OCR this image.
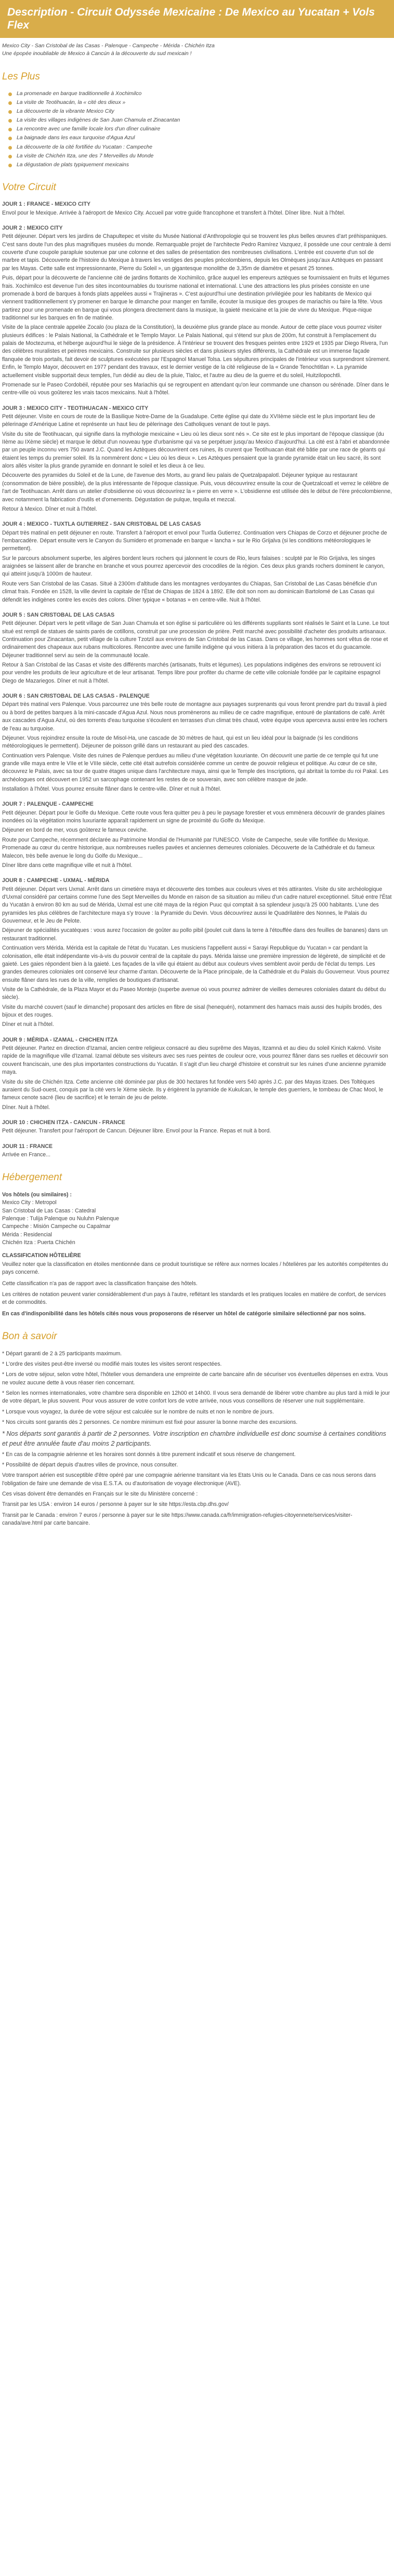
Description - Circuit Odyssée Mexicaine : De Mexico au Yucatan + Vols Flex

Mexico City - San Cristobal de las Casas - Palenque - Campeche - Mérida - Chichén Itza

Une épopée inoubliable de Mexico à Cancún à la découverte du sud mexicain !

Les Plus
La promenade en barque traditionnelle à Xochimilco
La visite de Teotihuacán, la « cité des dieux »
La découverte de la vibrante Mexico City
La visite des villages indigènes de San Juan Chamula et Zinacantan
La rencontre avec une famille locale lors d'un dîner culinaire
La baignade dans les eaux turquoise d'Agua Azul
La découverte de la cité fortifiée du Yucatan : Campeche
La visite de Chichén Itza, une des 7 Merveilles du Monde
La dégustation de plats typiquement mexicains
Votre Circuit
JOUR 1 : FRANCE - MEXICO CITY

Envol pour le Mexique. Arrivée à l'aéroport de Mexico City. Accueil par votre guide francophone et transfert à l'hôtel. Dîner libre. Nuit à l'hôtel.

JOUR 2 : MEXICO CITY

Petit déjeuner. Départ vers les jardins de Chapultepec et visite du Musée National d'Anthropologie qui se trouvent les plus belles œuvres d'art préhispaniques. C'est sans doute l'un des plus magnifiques musées du monde. Remarquable projet de l'architecte Pedro Ramírez Vazquez, il possède une cour centrale à demi couverte d'une coupole parapluie soutenue par une colonne et des salles de présentation des nombreuses civilisations. L'entrée est couverte d'un sol de marbre et tapis. Découverte de l'histoire du Mexique à travers les vestiges des peuples précolombiens, depuis les Olmèques jusqu'aux Aztèques en passant par les Mayas. Cette salle est impressionnante, Pierre du Soleil », un gigantesque monolithe de 3,35m de diamètre et pesant 25 tonnes.

Puis, départ pour la découverte de l'ancienne cité de jardins flottants de Xochimilco, grâce auquel les empereurs aztèques se fournissaient en fruits et légumes frais. Xochimilco est devenue l'un des sites incontournables du tourisme national et international. L'une des attractions les plus prisées consiste en une promenade à bord de barques à fonds plats appelées aussi « Trajineras ». C'est aujourd'hui une destination privilégiée pour les habitants de Mexico qui viennent traditionnellement s'y promener en barque le dimanche pour manger en famille, écouter la musique des groupes de mariachis ou faire la fête. Vous partirez pour une promenade en barque qui vous plongera directement dans la musique, la gaieté mexicaine et la joie de vivre du Mexique. Pique-nique traditionnel sur les barques en fin de matinée.

Visite de la place centrale appelée Zocalo (ou plaza de la Constitution), la deuxième plus grande place au monde. Autour de cette place vous pourrez visiter plusieurs édifices : le Palais National, la Cathédrale et le Templo Mayor. Le Palais National, qui s'étend sur plus de 200m, fut construit à l'emplacement du palais de Moctezuma, et héberge aujourd'hui le siège de la présidence. À l'intérieur se trouvent des fresques peintes entre 1929 et 1935 par Diego Rivera, l'un des célèbres muralistes et peintres mexicains. Construite sur plusieurs siècles et dans plusieurs styles différents, la Cathédrale est un immense façade flanquée de trois portails, fait devoir de sculptures exécutées par l'Espagnol Manuel Tolsa. Les sépultures principales de l'intérieur vous surprendront sûrement. Enfin, le Templo Mayor, découvert en 1977 pendant des travaux, est le dernier vestige de la cité religieuse de la « Grande Tenochtitlan ». La pyramide actuellement visible supportait deux temples, l'un dédié au dieu de la pluie, Tlaloc, et l'autre au dieu de la guerre et du soleil, Huitzilopochtli.

Promenade sur le Paseo Cordobéil, réputée pour ses Mariachis qui se regroupent en attendant qu'on leur commande une chanson ou sérénade. Dîner dans le centre-ville où vous goûterez les vrais tacos mexicains. Nuit à l'hôtel.

JOUR 3 : MEXICO CITY - TEOTIHUACAN - MEXICO CITY

Petit déjeuner. Visite en cours de route de la Basilique Notre-Dame de la Guadalupe. Cette église qui date du XVIIème siècle est le plus important lieu de pèlerinage d'Amérique Latine et représente un haut lieu de pèlerinage des Catholiques venant de tout le pays.

Visite du site de Teotihuacan, qui signifie dans la mythologie mexicaine « Lieu où les dieux sont nés ». Ce site est le plus important de l'époque classique (du IIème au IXème siècle) et marque le début d'un nouveau type d'urbanisme qui va se perpétuer jusqu'au Mexico d'aujourd'hui. La cité est à l'abri et abandonnée par un peuple inconnu vers 750 avant J.C. Quand les Aztèques découvrirent ces ruines, ils crurent que Teotihuacan était été bâtie par une race de géants qui étaient les temps du premier soleil. Ils la nommèrent donc « Lieu où les dieux ». Les Aztèques pensaient que la grande pyramide était un lieu sacré, ils sont alors allés visiter la plus grande pyramide en donnant le soleil et les dieux à ce lieu.

Découverte des pyramides du Soleil et de la Lune, de l'avenue des Morts, au grand lieu palais de Quetzalpapalotl. Déjeuner typique au restaurant (consommation de bière possible), de la plus intéressante de l'époque classique. Puis, vous découvrirez ensuite la cour de Quetzalcoatl et verrez le célèbre de l'art de Teotihuacan. Arrêt dans un atelier d'obsidienne où vous découvrirez la « pierre en verre ». L'obsidienne est utilisée dès le début de l'ère précolombienne, avec notamment la fabrication d'outils et d'ornements. Dégustation de pulque, tequila et mezcal.

Retour à Mexico. Dîner et nuit à l'hôtel.

JOUR 4 : MEXICO - TUXTLA GUTIERREZ - SAN CRISTOBAL DE LAS CASAS

Départ très matinal en petit déjeuner en route. Transfert à l'aéroport et envol pour Tuxtla Gutierrez. Continuation vers Chiapas de Corzo et déjeuner proche de l'embarcadère. Départ ensuite vers le Canyon du Sumidero et promenade en barque « lancha » sur le Rio Grijalva (si les conditions météorologiques le permettent).

Sur le parcours absolument superbe, les algères bordent leurs rochers qui jalonnent le cours de Rio, leurs falaises : sculpté par le Rio Grijalva, les singes araignées se laissent aller de branche en branche et vous pourrez apercevoir des crocodiles de la région. Ces deux plus grands rochers dominent le canyon, qui atteint jusqu'à 1000m de hauteur.

Route vers San Cristobal de las Casas. Situé à 2300m d'altitude dans les montagnes verdoyantes du Chiapas, San Cristobal de Las Casas bénéficie d'un climat frais. Fondée en 1528, la ville devint la capitale de l'État de Chiapas de 1824 à 1892. Elle doit son nom au dominicain Bartolomé de Las Casas qui défendit les indigènes contre les excès des colons. Dîner typique « botanas » en centre-ville. Nuit à l'hôtel.

JOUR 5 : SAN CRISTOBAL DE LAS CASAS

Petit déjeuner. Départ vers le petit village de San Juan Chamula et son église si particulière où les différents suppliants sont réalisés le Saint et la Lune. Le tout situé est rempli de statues de saints parés de cotillons, construit par une procession de prière. Petit marché avec possibilité d'acheter des produits artisanaux. Continuation pour Zinacantan, petit village de la culture Tzotzil aux environs de San Cristobal de las Casas. Dans ce village, les hommes sont vêtus de rose et ordinairement des chapeaux aux rubans multicolores. Rencontre avec une famille indigène qui vous initiera à la préparation des tacos et du guacamole. Déjeuner traditionnel servi au sein de la communauté locale.

Retour à San Cristobal de las Casas et visite des différents marchés (artisanats, fruits et légumes). Les populations indigènes des environs se retrouvent ici pour vendre les produits de leur agriculture et de leur artisanat. Temps libre pour profiter du charme de cette ville coloniale fondée par le capitaine espagnol Diego de Mazariegos. Dîner et nuit à l'hôtel.

JOUR 6 : SAN CRISTOBAL DE LAS CASAS - PALENQUE

Départ très matinal vers Palenque. Vous parcourrez une très belle route de montagne aux paysages surprenants qui vous feront prendre part du travail à pied ou à bord de petites barques à la mini-cascade d'Agua Azul. Nous nous promènerons au milieu de ce cadre magnifique, entouré de plantations de café. Arrêt aux cascades d'Agua Azul, où des torrents d'eau turquoise s'écoulent en terrasses d'un climat très chaud, votre équipe vous apercevra aussi entre les rochers de l'eau au turquoise.

Déjeuner. Vous rejoindrez ensuite la route de Misol-Ha, une cascade de 30 mètres de haut, qui est un lieu idéal pour la baignade (si les conditions météorologiques le permettent). Déjeuner de poisson grillé dans un restaurant au pied des cascades.

Continuation vers Palenque. Visite des ruines de Palenque perdues au milieu d'une végétation luxuriante. On découvrit une partie de ce temple qui fut une grande ville maya entre le VIIe et le VIIIe siècle, cette cité était autrefois considérée comme un centre de pouvoir religieux et politique. Au cœur de ce site, découvrez le Palais, avec sa tour de quatre étages unique dans l'architecture maya, ainsi que le Temple des Inscriptions, qui abritait la tombe du roi Pakal. Les archéologues ont découvert en 1952 un sarcophage contenant les restes de ce souverain, avec son célèbre masque de jade.

Installation à l'hôtel. Vous pourrez ensuite flâner dans le centre-ville. Dîner et nuit à l'hôtel.

JOUR 7 : PALENQUE - CAMPECHE

Petit déjeuner. Départ pour le Golfe du Mexique. Cette route vous fera quitter peu à peu le paysage forestier et vous emmènera découvrir de grandes plaines inondées où la végétation moins luxuriante apparaît rapidement un signe de proximité du Golfe du Mexique.

Déjeuner en bord de mer, vous goûterez le fameux ceviche.

Route pour Campeche, récemment déclarée au Patrimoine Mondial de l'Humanité par l'UNESCO. Visite de Campeche, seule ville fortifiée du Mexique. Promenade au cœur du centre historique, aux nombreuses ruelles pavées et anciennes demeures coloniales. Découverte de la Cathédrale et du fameux Malecon, très belle avenue le long du Golfe du Mexique...

Dîner libre dans cette magnifique ville et nuit à l'hôtel.

JOUR 8 : CAMPECHE - UXMAL - MÉRIDA

Petit déjeuner. Départ vers Uxmal. Arrêt dans un cimetière maya et découverte des tombes aux couleurs vives et très attirantes. Visite du site archéologique d'Uxmal considéré par certains comme l'une des Sept Merveilles du Monde en raison de sa situation au milieu d'un cadre naturel exceptionnel. Situé entre l'État du Yucatán à environ 80 km au sud de Mérida, Uxmal est une cité maya de la région Puuc qui comptait à sa splendeur jusqu'à 25 000 habitants. L'une des pyramides les plus célèbres de l'architecture maya s'y trouve : la Pyramide du Devin. Vous découvrirez aussi le Quadrilatère des Nonnes, le Palais du Gouverneur, et le Jeu de Pelote.

Déjeuner de spécialités yucatèques : vous aurez l'occasion de goûter au pollo pibil (poulet cuit dans la terre à l'étouffée dans des feuilles de bananes) dans un restaurant traditionnel.

Continuation vers Mérida. Mérida est la capitale de l'état du Yucatan. Les musiciens l'appellent aussi « Sarayi Republique du Yucatan » car pendant la colonisation, elle était indépendante vis-à-vis du pouvoir central de la capitale du pays. Mérida laisse une première impression de légèreté, de simplicité et de gaieté. Les gaies répondent bien à la gaieté. Les façades de la ville qui étaient au début aux couleurs vives semblent avoir perdu de l'éclat du temps. Les grandes demeures coloniales ont conservé leur charme d'antan. Découverte de la Place principale, de la Cathédrale et du Palais du Gouverneur. Vous pourrez ensuite flâner dans les rues de la ville, remplies de boutiques d'artisanat.

Visite de la Cathédrale, de la Plaza Mayor et du Paseo Montejo (superbe avenue où vous pourrez admirer de vieilles demeures coloniales datant du début du siècle).

Visite du marché couvert (sauf le dimanche) proposant des articles en fibre de sisal (henequén), notamment des hamacs mais aussi des huipils brodés, des bijoux et des rouges.

Dîner et nuit à l'hôtel.

JOUR 9 : MÉRIDA - IZAMAL - CHICHEN ITZA

Petit déjeuner. Partez en direction d'Izamal, ancien centre religieux consacré au dieu suprême des Mayas, Itzamná et au dieu du soleil Kinich Kakmó. Visite rapide de la magnifique ville d'Izamal. Izamal débute ses visiteurs avec ses rues peintes de couleur ocre, vous pourrez flâner dans ses ruelles et découvrir son couvent franciscain, une des plus importantes constructions du Yucatán. Il s'agit d'un lieu chargé d'histoire et construit sur les ruines d'une ancienne pyramide maya.

Visite du site de Chichén Itza. Cette ancienne cité dominée par plus de 300 hectares fut fondée vers 540 après J.C. par des Mayas itzaes. Des Toltèques auraient du Sud-ouest, conquis par la cité vers le Xème siècle. Ils y érigèrent la pyramide de Kukulcan, le temple des guerriers, le tombeau de Chac Mool, le fameux cenote sacré (lieu de sacrifice) et le terrain de jeu de pelote.

Dîner. Nuit à l'hôtel.

JOUR 10 : CHICHEN ITZA - CANCUN - FRANCE

Petit déjeuner. Transfert pour l'aéroport de Cancun. Déjeuner libre. Envol pour la France. Repas et nuit à bord.

JOUR 11 : FRANCE

Arrivée en France...

Hébergement

Vos hôtels (ou similaires) :

Mexico City : Metropol

San Cristobal de Las Casas : Catedral

Palenque : Tulija Palenque ou Nuluhn Palenque

Campeche : Misión Campeche ou Capalmar

Mérida : Residencial

Chichén Itza : Puerta Chichén

CLASSIFICATION HÔTELIÈRE

Veuillez noter que la classification en étoiles mentionnée dans ce produit touristique se réfère aux normes locales / hôtelières par les autorités compétentes du pays concerné.

Cette classification n'a pas de rapport avec la classification française des hôtels.

Les critères de notation peuvent varier considérablement d'un pays à l'autre, reflétant les standards et les pratiques locales en matière de confort, de services et de commodités.

En cas d'indisponibilité dans les hôtels cités nous vous proposerons de réserver un hôtel de catégorie similaire sélectionné par nos soins.

Bon à savoir

* Départ garanti de 2 à 25 participants maximum.

* L'ordre des visites peut-être inversé ou modifié mais toutes les visites seront respectées.

* Lors de votre séjour, selon votre hôtel, l'hôtelier vous demandera une empreinte de carte bancaire afin de sécuriser vos éventuelles dépenses en extra. Vous ne voulez aucune dette à vous réaser rien concernant.

* Selon les normes internationales, votre chambre sera disponible en 12h00 et 14h00. Il vous sera demandé de libérer votre chambre au plus tard à midi le jour de votre départ, le plus souvent. Pour vous assurer de votre confort lors de votre arrivée, nous vous conseillons de réserver une nuit supplémentaire.

* Lorsque vous voyagez, la durée de votre séjour est calculée sur le nombre de nuits et non le nombre de jours.

* Nos circuits sont garantis dès 2 personnes. Ce nombre minimum est fixé pour assurer la bonne marche des excursions.

* Nos départs sont garantis à partir de 2 personnes. Votre inscription en chambre individuelle est donc soumise à certaines conditions et peut être annulée faute d'au moins 2 participants.

* En cas de la compagnie aérienne et les horaires sont donnés à titre purement indicatif et sous réserve de changement.

* Possibilité de départ depuis d'autres villes de province, nous consulter.

Votre transport aérien est susceptible d'être opéré par une compagnie aérienne transitant via les Etats Unis ou le Canada. Dans ce cas nous serons dans l'obligation de faire une demande de visa E.S.T.A. ou d'autorisation de voyage électronique (AVE).

Ces visas doivent être demandés en Français sur le site du Ministère concerné :

Transit par les USA : environ 14 euros / personne à payer sur le site https://esta.cbp.dhs.gov/

Transit par le Canada : environ 7 euros / personne à payer sur le site https://www.canada.ca/fr/immigration-refugies-citoyennete/services/visiter-canada/ave.html par carte bancaire.
